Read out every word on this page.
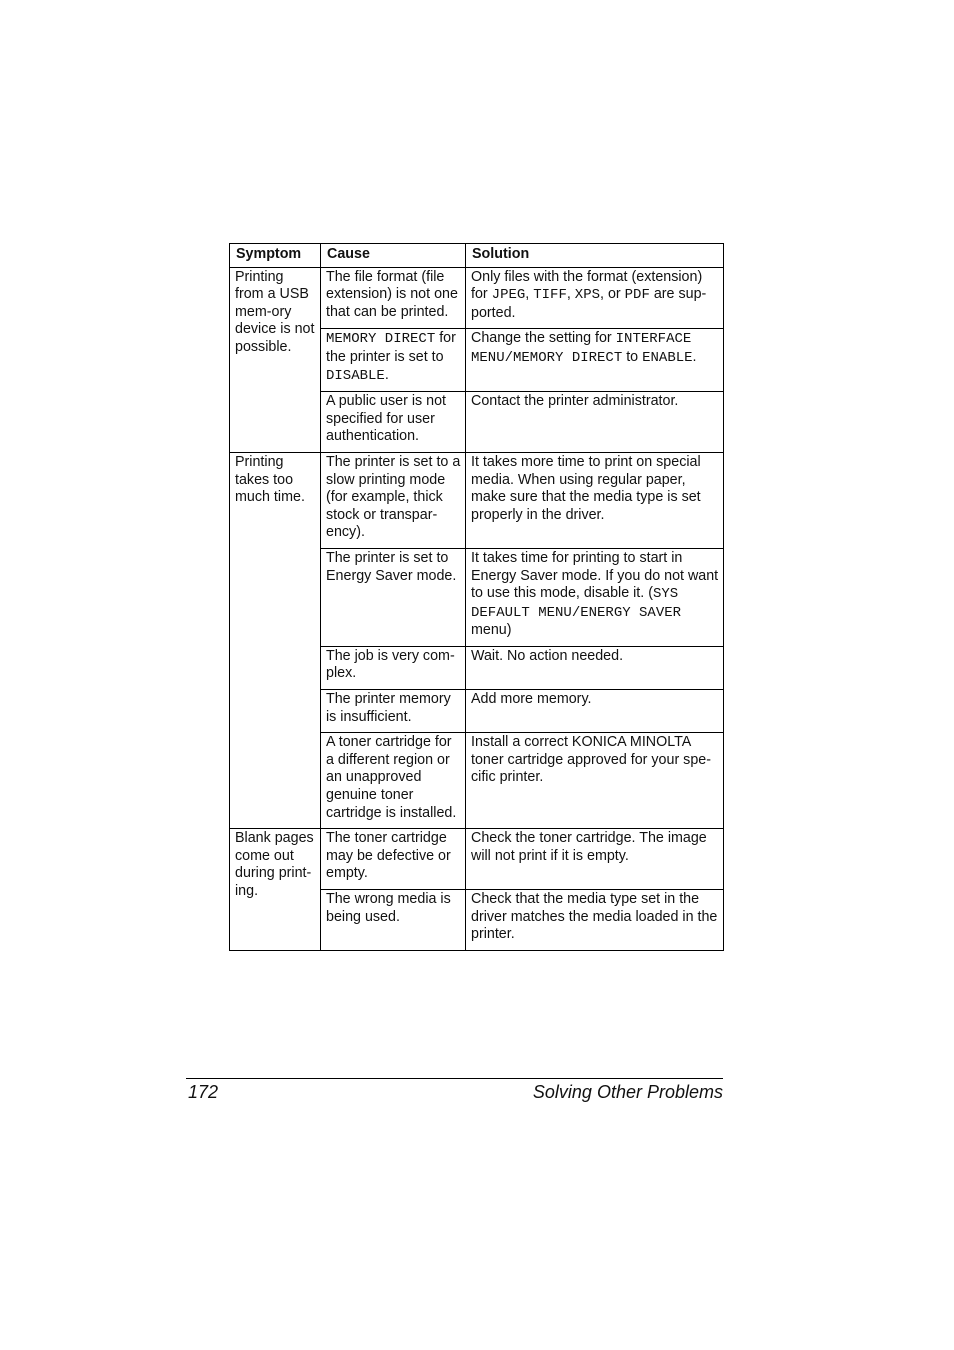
Symptom	Cause	Solution
Printing from a USB mem-ory device is not possible.	The file format (file extension) is not one that can be printed.	Only files with the format (extension) for JPEG, TIFF, XPS, or PDF are sup-ported.
	MEMORY DIRECT for the printer is set to DISABLE.	Change the setting for INTERFACE MENU/MEMORY DIRECT to ENABLE.
	A public user is not specified for user authentication.	Contact the printer administrator.
Printing takes too much time.	The printer is set to a slow printing mode (for example, thick stock or transpar-ency).	It takes more time to print on special media. When using regular paper, make sure that the media type is set properly in the driver.
	The printer is set to Energy Saver mode.	It takes time for printing to start in Energy Saver mode. If you do not want to use this mode, disable it. (SYS DEFAULT MENU/ENERGY SAVER menu)
	The job is very com-plex.	Wait. No action needed.
	The printer memory is insufficient.	Add more memory.
	A toner cartridge for a different region or an unapproved genuine toner cartridge is installed.	Install a correct KONICA MINOLTA toner cartridge approved for your spe-cific printer.
Blank pages come out during print-ing.	The toner cartridge may be defective or empty.	Check the toner cartridge. The image will not print if it is empty.
	The wrong media is being used.	Check that the media type set in the driver matches the media loaded in the printer.
172	Solving Other Problems
